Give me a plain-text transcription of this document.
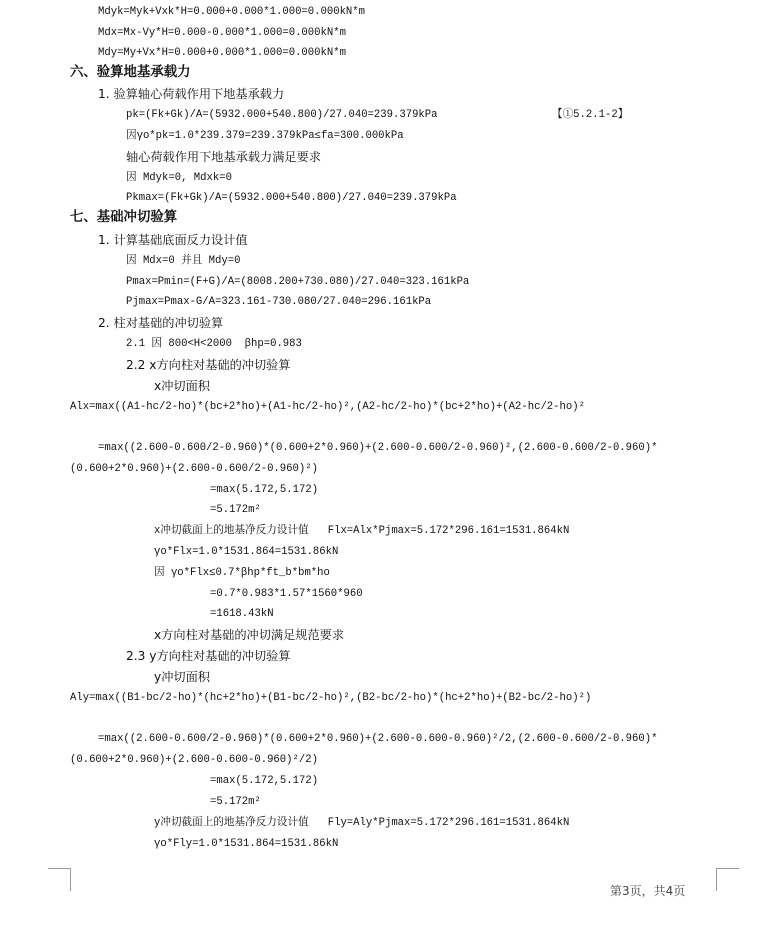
Mdyk=Myk+Vxk*H=0.000+0.000*1.000=0.000kN*m
Mdx=Mx-Vy*H=0.000-0.000*1.000=0.000kN*m
Mdy=My+Vx*H=0.000+0.000*1.000=0.000kN*m
六、验算地基承载力
1. 验算轴心荷载作用下地基承载力
pk=(Fk+Gk)/A=(5932.000+540.800)/27.040=239.379kPa	【①5.2.1-2】
因γo*pk=1.0*239.379=239.379kPa≤fa=300.000kPa
轴心荷载作用下地基承载力满足要求
因 Mdyk=0, Mdxk=0
Pkmax=(Fk+Gk)/A=(5932.000+540.800)/27.040=239.379kPa
七、基础冲切验算
1. 计算基础底面反力设计值
因 Mdx=0 并且 Mdy=0
Pmax=Pmin=(F+G)/A=(8008.200+730.080)/27.040=323.161kPa
Pjmax=Pmax-G/A=323.161-730.080/27.040=296.161kPa
2. 柱对基础的冲切验算
2.1 因 800<H<2000  βhp=0.983
2.2 x方向柱对基础的冲切验算
x冲切面积
Alx=max((A1-hc/2-ho)*(bc+2*ho)+(A1-hc/2-ho)²,(A2-hc/2-ho)*(bc+2*ho)+(A2-hc/2-ho)²
=max((2.600-0.600/2-0.960)*(0.600+2*0.960)+(2.600-0.600/2-0.960)²,(2.600-0.600/2-0.960)*
(0.600+2*0.960)+(2.600-0.600/2-0.960)²)
=max(5.172,5.172)
=5.172m²
x冲切截面上的地基净反力设计值   Flx=Alx*Pjmax=5.172*296.161=1531.864kN
γo*Flx=1.0*1531.864=1531.86kN
因 γo*Flx≤0.7*βhp*ft_b*bm*ho
=0.7*0.983*1.57*1560*960
=1618.43kN
x方向柱对基础的冲切满足规范要求
2.3 y方向柱对基础的冲切验算
y冲切面积
Aly=max((B1-bc/2-ho)*(hc+2*ho)+(B1-bc/2-ho)²,(B2-bc/2-ho)*(hc+2*ho)+(B2-bc/2-ho)²)
=max((2.600-0.600/2-0.960)*(0.600+2*0.960)+(2.600-0.600-0.960)²/2,(2.600-0.600/2-0.960)*
(0.600+2*0.960)+(2.600-0.600-0.960)²/2)
=max(5.172,5.172)
=5.172m²
y冲切截面上的地基净反力设计值   Fly=Aly*Pjmax=5.172*296.161=1531.864kN
γo*Fly=1.0*1531.864=1531.86kN
第3页，共4页
